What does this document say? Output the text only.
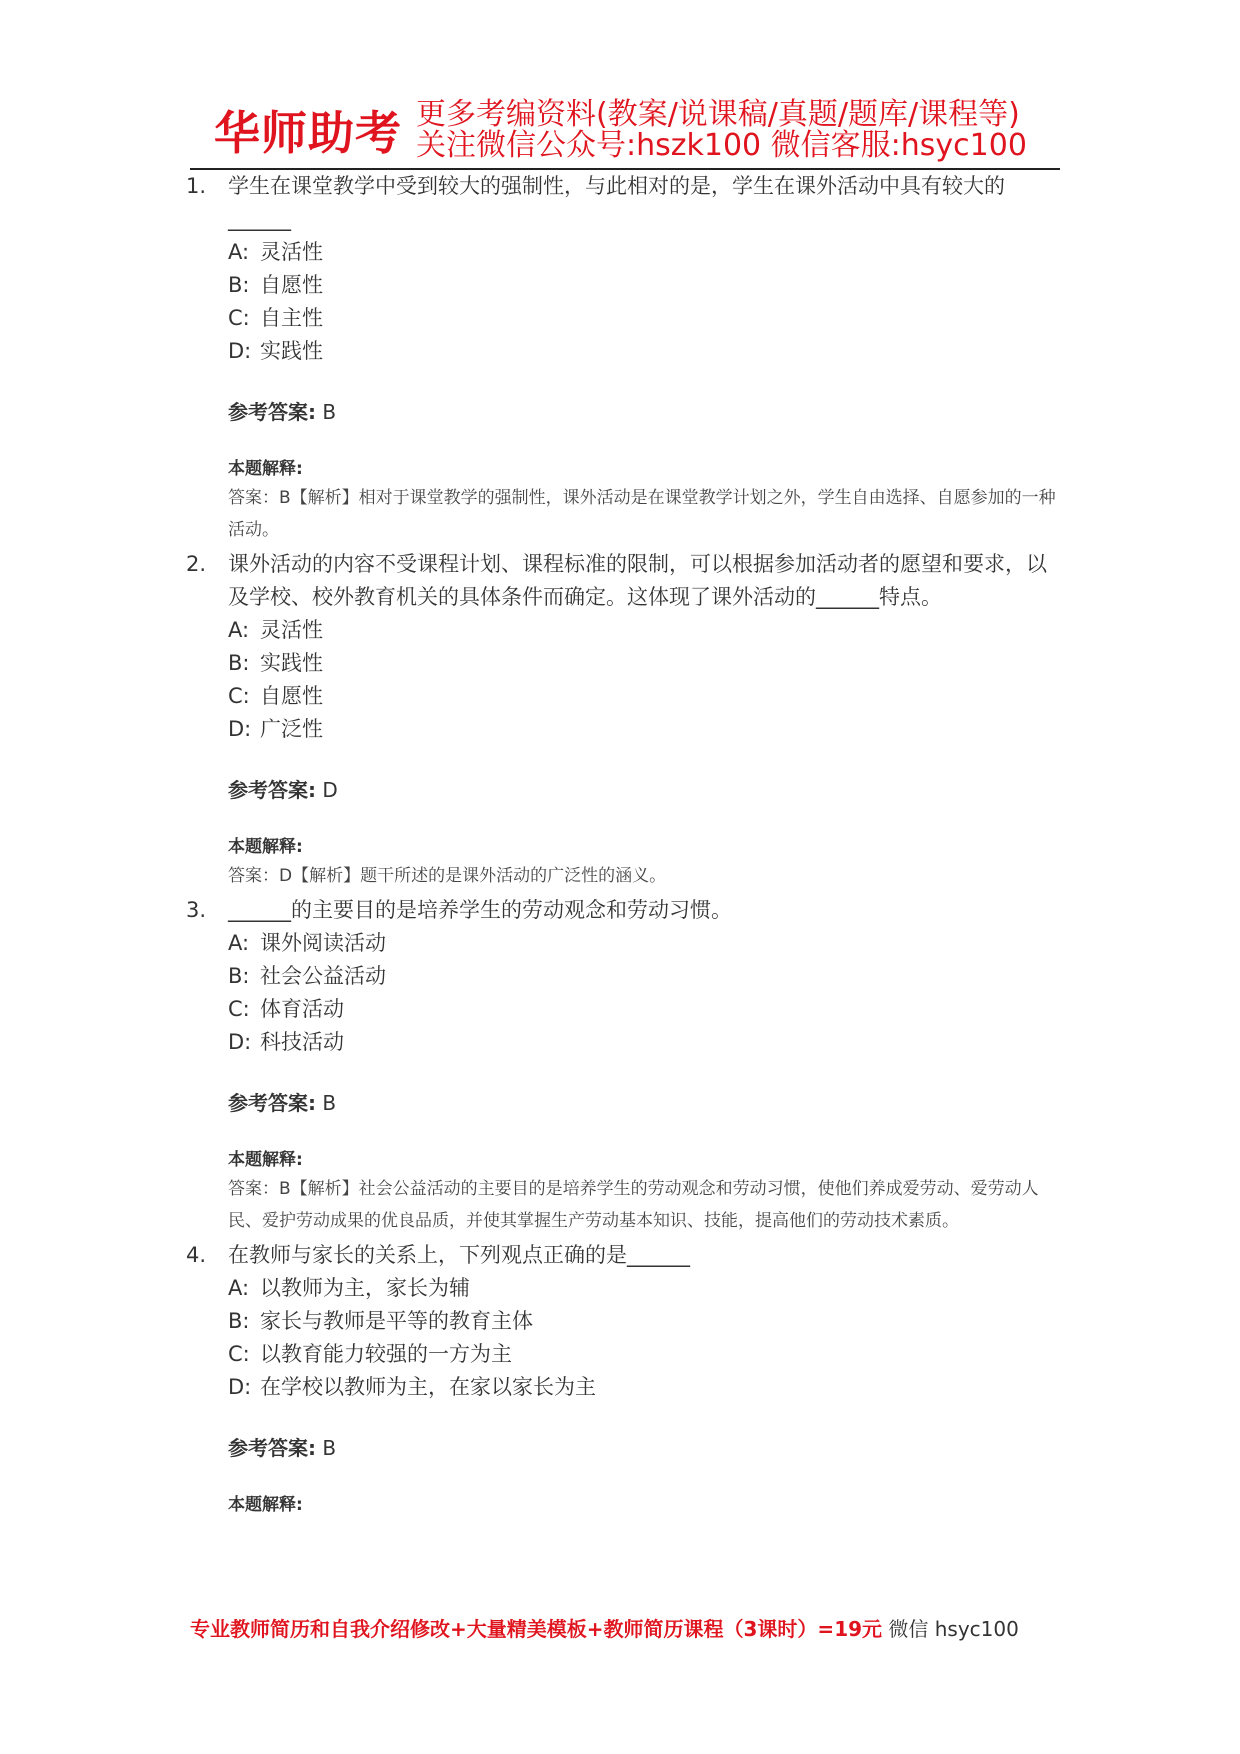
华师助考 更多考编资料(教案/说课稿/真题/题库/课程等)
关注微信公众号:hszk100 微信客服:hsyc100
1.	学生在课堂教学中受到较大的强制性，与此相对的是，学生在课外活动中具有较大的______
A: 灵活性
B: 自愿性
C: 自主性
D: 实践性
参考答案: B
本题解释:
答案：B【解析】相对于课堂教学的强制性，课外活动是在课堂教学计划之外，学生自由选择、自愿参加的一种活动。
2.	课外活动的内容不受课程计划、课程标准的限制，可以根据参加活动者的愿望和要求，以及学校、校外教育机关的具体条件而确定。这体现了课外活动的______特点。
A: 灵活性
B: 实践性
C: 自愿性
D: 广泛性
参考答案: D
本题解释:
答案：D【解析】题干所述的是课外活动的广泛性的涵义。
3.	______的主要目的是培养学生的劳动观念和劳动习惯。
A: 课外阅读活动
B: 社会公益活动
C: 体育活动
D: 科技活动
参考答案: B
本题解释:
答案：B【解析】社会公益活动的主要目的是培养学生的劳动观念和劳动习惯，使他们养成爱劳动、爱劳动人民、爱护劳动成果的优良品质，并使其掌握生产劳动基本知识、技能，提高他们的劳动技术素质。
4.	在教师与家长的关系上，下列观点正确的是______
A: 以教师为主，家长为辅
B: 家长与教师是平等的教育主体
C: 以教育能力较强的一方为主
D: 在学校以教师为主，在家以家长为主
参考答案: B
本题解释:
专业教师简历和自我介绍修改+大量精美模板+教师简历课程（3课时）=19元 微信 hsyc100
